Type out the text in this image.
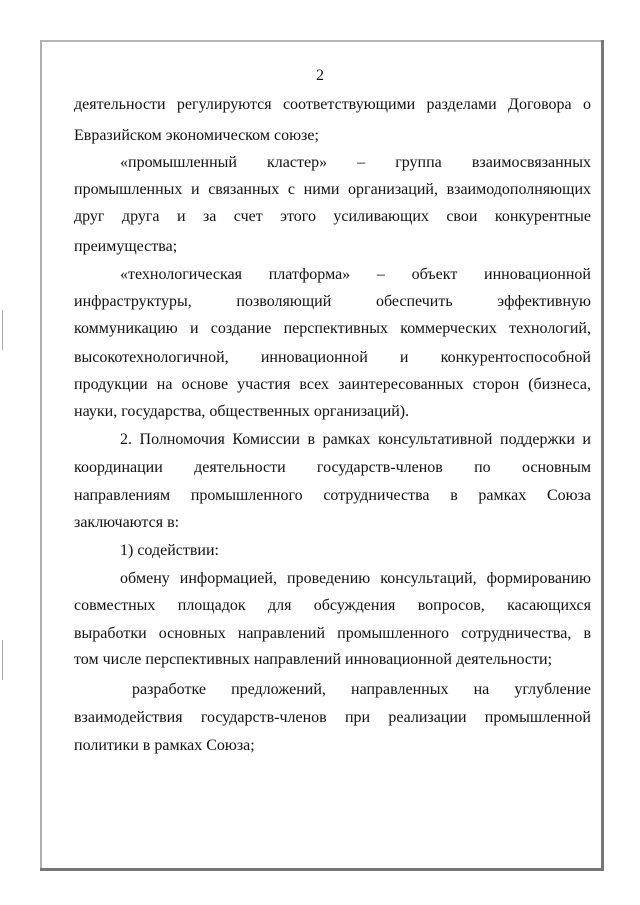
2
деятельности регулируются соответствующими разделами Договора о
Евразийском экономическом союзе;
«промышленный кластер» – группа взаимосвязанных
промышленных и связанных с ними организаций, взаимодополняющих
друг друга и за счет этого усиливающих свои конкурентные
преимущества;
«технологическая платформа» – объект инновационной
инфраструктуры, позволяющий обеспечить эффективную
коммуникацию и создание перспективных коммерческих технологий,
высокотехнологичной, инновационной и конкурентоспособной
продукции на основе участия всех заинтересованных сторон (бизнеса,
науки, государства, общественных организаций).
2. Полномочия Комиссии в рамках консультативной поддержки и
координации деятельности государств-членов по основным
направлениям промышленного сотрудничества в рамках Союза
заключаются в:
1) содействии:
обмену информацией, проведению консультаций, формированию
совместных площадок для обсуждения вопросов, касающихся
выработки основных направлений промышленного сотрудничества, в
том числе перспективных направлений инновационной деятельности;
разработке предложений, направленных на углубление
взаимодействия государств-членов при реализации промышленной
политики в рамках Союза;
